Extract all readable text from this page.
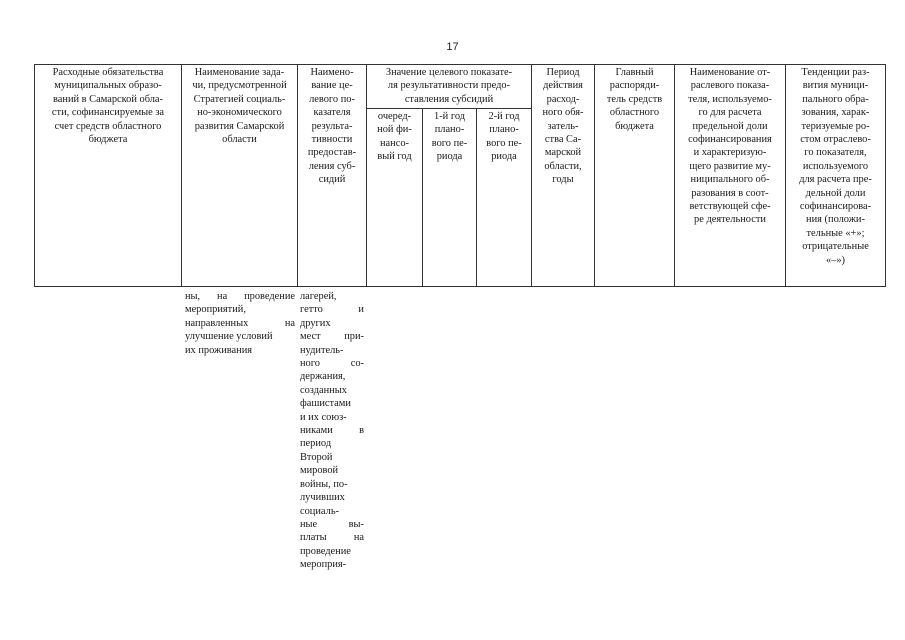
17
Расходные обязательства
муниципальных образо-
ваний в Самарской обла-
сти, софинансируемые за
счет средств областного
бюджета
Наименование зада-
чи, предусмотренной
Стратегией социаль-
но-экономического
развития Самарской
области
Наимено-
вание це-
левого по-
казателя
результа-
тивности
предостав-
ления суб-
сидий
Значение целевого показате-
ля результативности предо-
ставления субсидий
очеред-
ной фи-
нансо-
вый год
1-й год
плано-
вого пе-
риода
2-й год
плано-
вого пе-
риода
Период
действия
расход-
ного обя-
затель-
ства Са-
марской
области,
годы
Главный
распоряди-
тель средств
областного
бюджета
Наименование от-
раслевого показа-
теля, используемо-
го для расчета
предельной доли
софинансирования
и характеризую-
щего развитие му-
ниципального об-
разования в соот-
ветствующей сфе-
ре деятельности
Тенденции раз-
вития муници-
пального обра-
зования, харак-
теризуемые ро-
стом отраслево-
го показателя,
используемого
для расчета пре-
дельной доли
софинансирова-
ния (положи-
тельные «+»;
отрицательные
«–»)
ны, на проведение
мероприятий,
направленных на
улучшение условий
их проживания
лагерей,
гетто и
других
мест при-
нудитель-
ного со-
держания,
созданных
фашистами
и их союз-
никами в
период
Второй
мировой
войны, по-
лучивших
социаль-
ные вы-
платы на
проведение
мероприя-
